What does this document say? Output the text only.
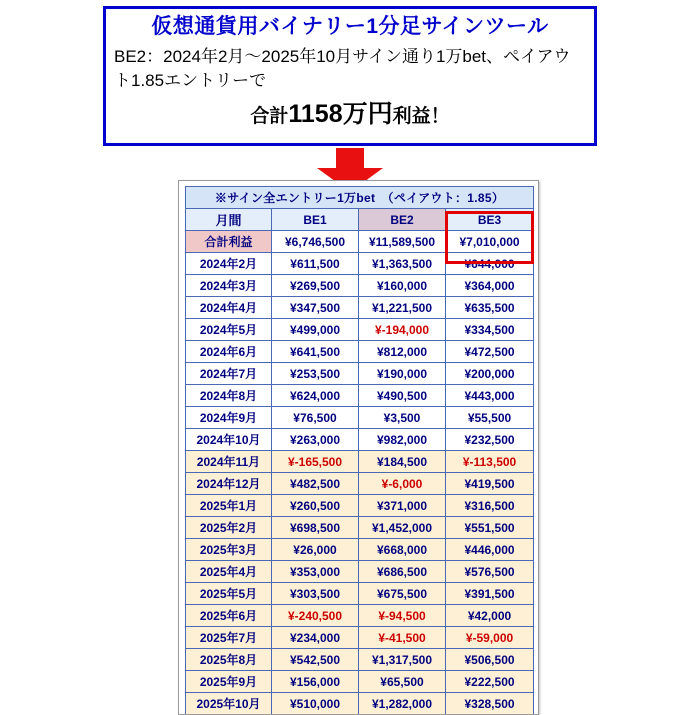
仮想通貨用バイナリー1分足サインツール
BE2：2024年2月〜2025年10月サイン通り1万bet、ペイアウト1.85エントリーで
合計1158万円利益！
※サイン全エントリー1万bet　（ペイアウト：1.85）			
月間	BE1	BE2	BE3
合計利益	¥6,746,500	¥11,589,500	¥7,010,000
2024年2月	¥611,500	¥1,363,500	¥644,000
2024年3月	¥269,500	¥160,000	¥364,000
2024年4月	¥347,500	¥1,221,500	¥635,500
2024年5月	¥499,000	¥-194,000	¥334,500
2024年6月	¥641,500	¥812,000	¥472,500
2024年7月	¥253,500	¥190,000	¥200,000
2024年8月	¥624,000	¥490,500	¥443,000
2024年9月	¥76,500	¥3,500	¥55,500
2024年10月	¥263,000	¥982,000	¥232,500
2024年11月	¥-165,500	¥184,500	¥-113,500
2024年12月	¥482,500	¥-6,000	¥419,500
2025年1月	¥260,500	¥371,000	¥316,500
2025年2月	¥698,500	¥1,452,000	¥551,500
2025年3月	¥26,000	¥668,000	¥446,000
2025年4月	¥353,000	¥686,500	¥576,500
2025年5月	¥303,500	¥675,500	¥391,500
2025年6月	¥-240,500	¥-94,500	¥42,000
2025年7月	¥234,000	¥-41,500	¥-59,000
2025年8月	¥542,500	¥1,317,500	¥506,500
2025年9月	¥156,000	¥65,500	¥222,500
2025年10月	¥510,000	¥1,282,000	¥328,500
